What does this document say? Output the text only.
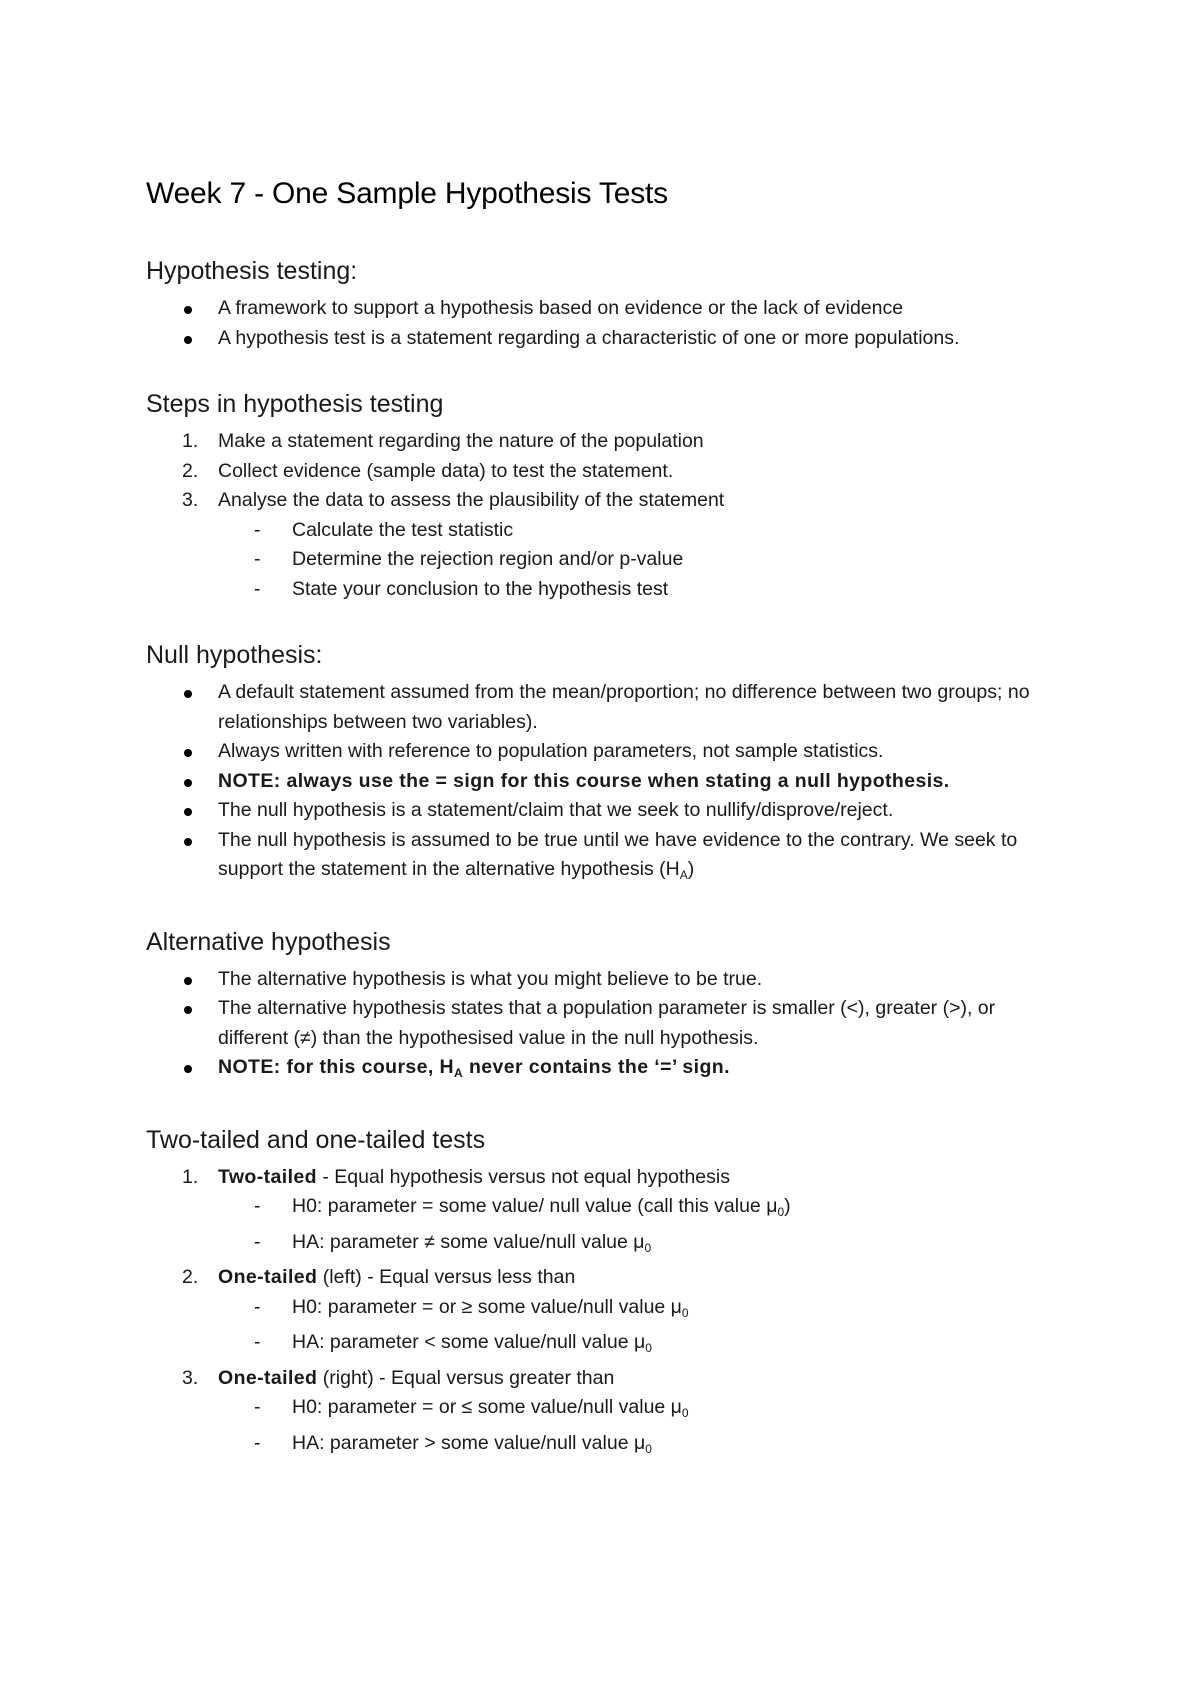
Week 7 - One Sample Hypothesis Tests
Hypothesis testing:
A framework to support a hypothesis based on evidence or the lack of evidence
A hypothesis test is a statement regarding a characteristic of one or more populations.
Steps in hypothesis testing
1. Make a statement regarding the nature of the population
2. Collect evidence (sample data) to test the statement.
3. Analyse the data to assess the plausibility of the statement
- Calculate the test statistic
- Determine the rejection region and/or p-value
- State your conclusion to the hypothesis test
Null hypothesis:
A default statement assumed from the mean/proportion; no difference between two groups; no relationships between two variables).
Always written with reference to population parameters, not sample statistics.
NOTE: always use the = sign for this course when stating a null hypothesis.
The null hypothesis is a statement/claim that we seek to nullify/disprove/reject.
The null hypothesis is assumed to be true until we have evidence to the contrary. We seek to support the statement in the alternative hypothesis $(H_A)$
Alternative hypothesis
The alternative hypothesis is what you might believe to be true.
The alternative hypothesis states that a population parameter is smaller (<), greater (>), or different (≠) than the hypothesised value in the null hypothesis.
NOTE: for this course, $H_A$ never contains the ‘=’ sign.
Two-tailed and one-tailed tests
1. Two-tailed - Equal hypothesis versus not equal hypothesis
- H0: parameter = some value/ null value (call this value $\mu_0$)
- HA: parameter ≠ some value/null value $\mu_0$
2. One-tailed (left) - Equal versus less than
- H0: parameter = or ≥ some value/null value $\mu_0$
- HA: parameter < some value/null value $\mu_0$
3. One-tailed (right) - Equal versus greater than
- H0: parameter = or ≤ some value/null value $\mu_0$
- HA: parameter > some value/null value $\mu_0$
